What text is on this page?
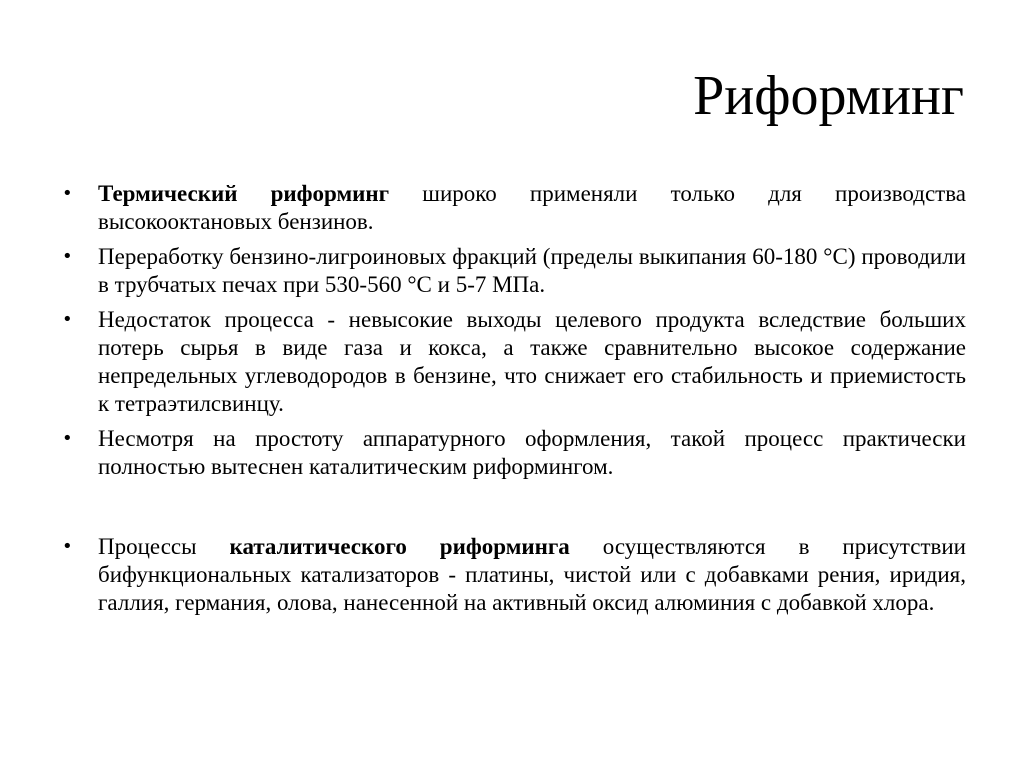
Риформинг
•	Термический риформинг широко применяли только для производства высокооктановых бензинов.
•	Переработку бензино-лигроиновых фракций (пределы выкипания 60-180 °С) проводили в трубчатых печах при 530-560 °С и 5-7 МПа.
•	Недостаток процесса - невысокие выходы целевого продукта вследствие больших потерь сырья в виде газа и кокса, а также сравнительно высокое содержание непредельных углеводородов в бензине, что снижает его стабильность и приемистость к тетраэтилсвинцу.
•	Несмотря на простоту аппаратурного оформления, такой процесс практически полностью вытеснен каталитическим риформингом.
•	Процессы каталитического риформинга осуществляются в присутствии бифункциональных катализаторов - платины, чистой или с добавками рения, иридия, галлия, германия, олова, нанесенной на активный оксид алюминия с добавкой хлора.
